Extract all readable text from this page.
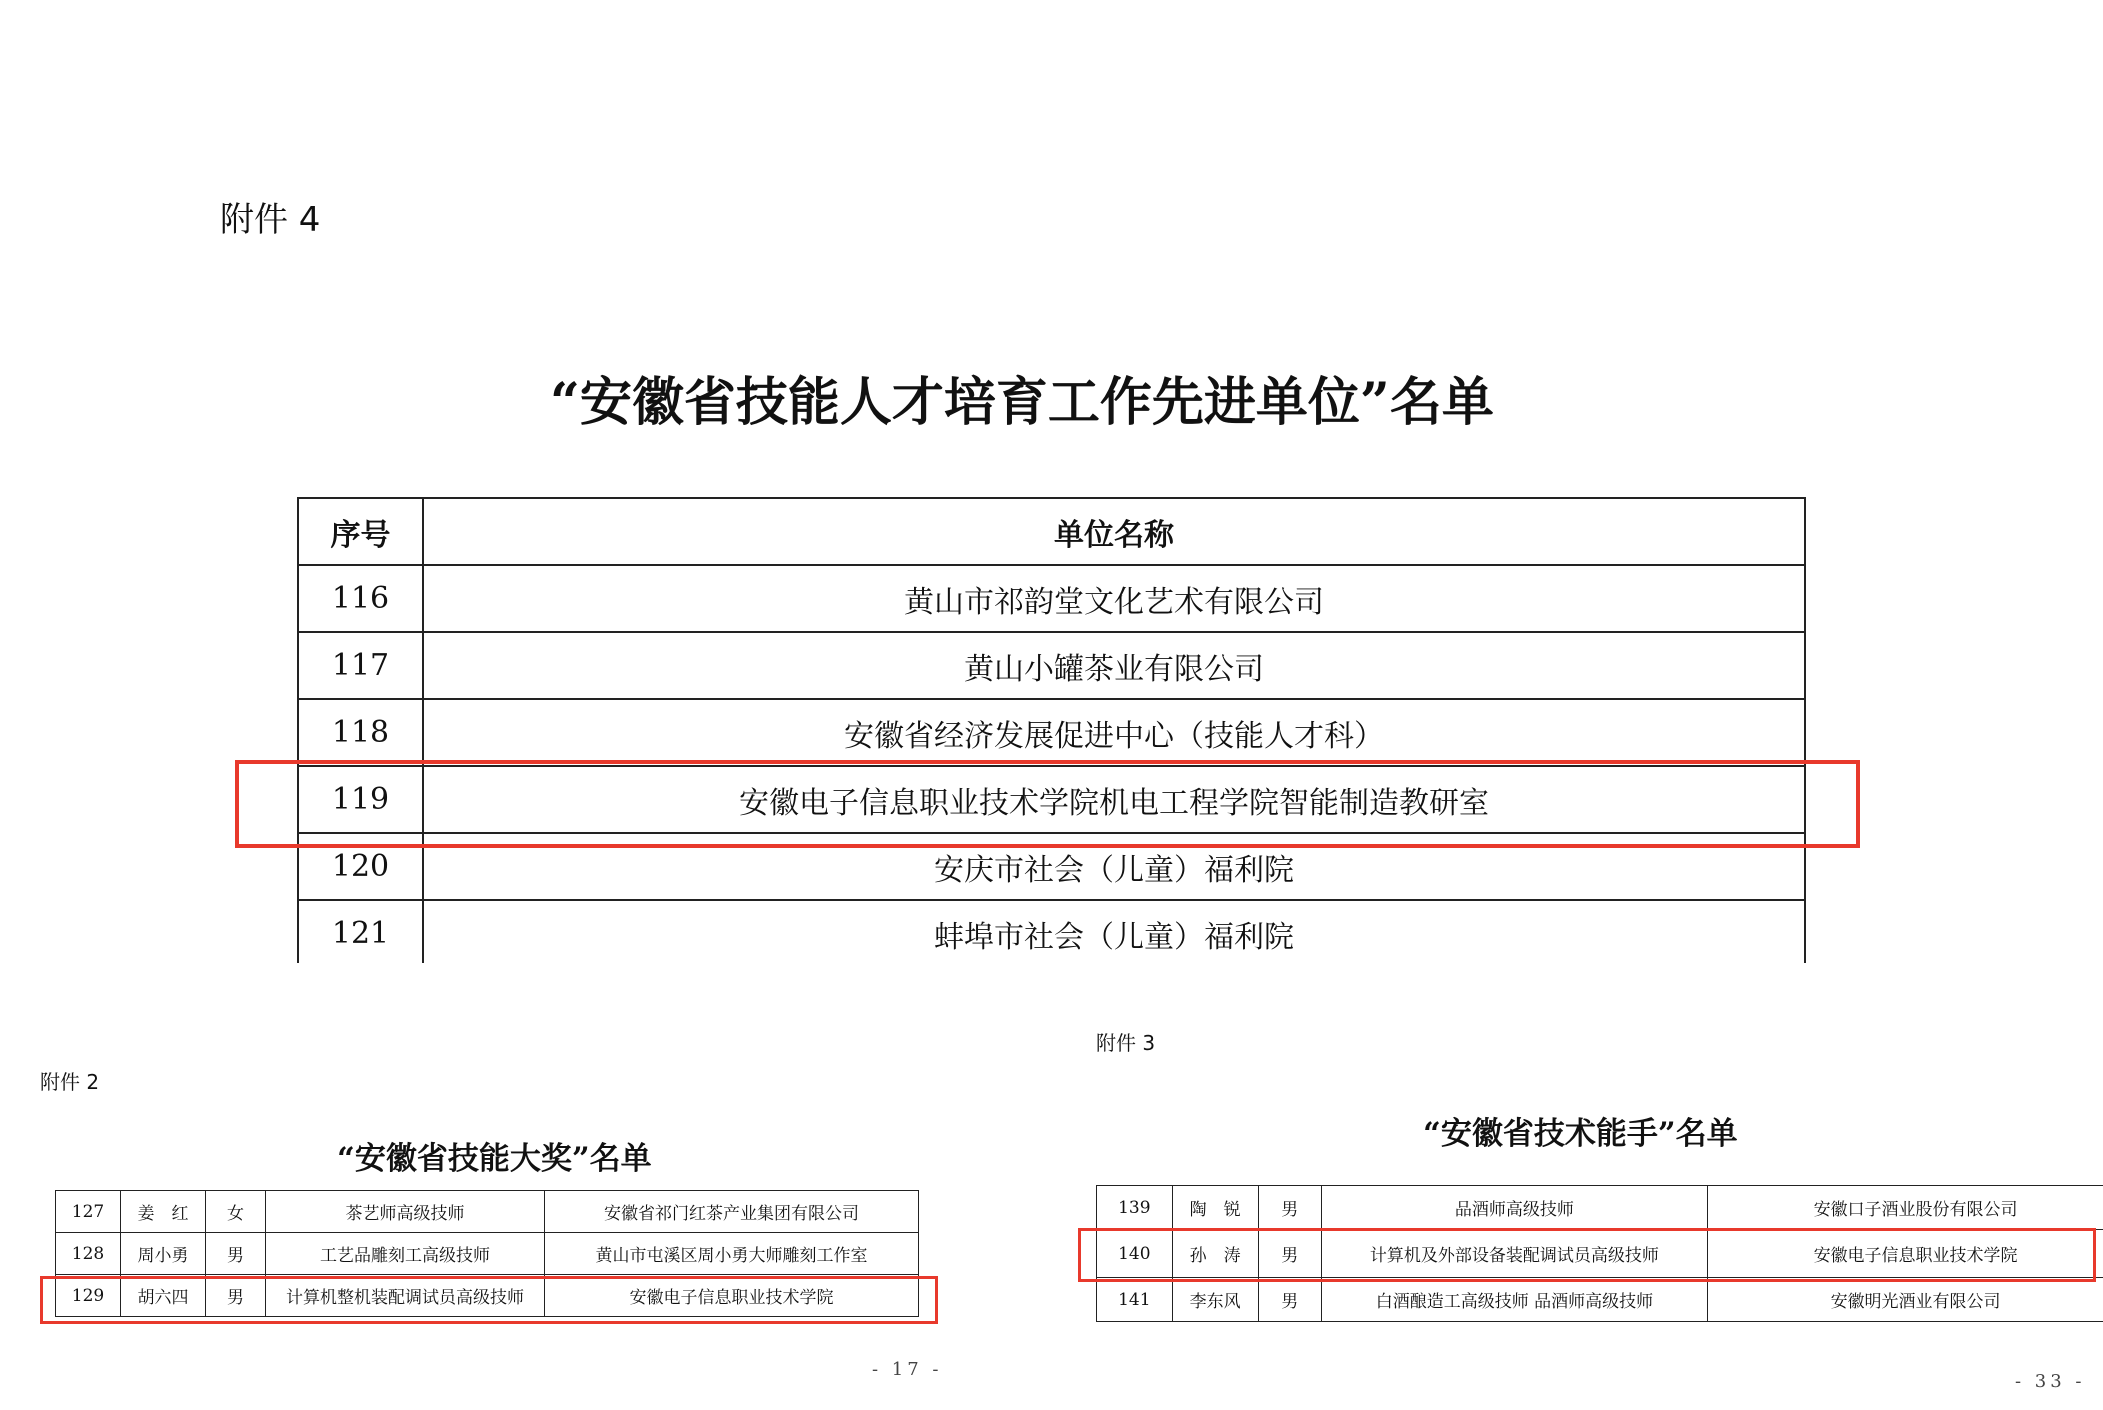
附件 4
“安徽省技能人才培育工作先进单位”名单
序号	单位名称
116	黄山市祁韵堂文化艺术有限公司
117	黄山小罐茶业有限公司
118	安徽省经济发展促进中心（技能人才科）
119	安徽电子信息职业技术学院机电工程学院智能制造教研室
120	安庆市社会（儿童）福利院
121	蚌埠市社会（儿童）福利院
附件 2
“安徽省技能大奖”名单
127	姜　红	女	茶艺师高级技师	安徽省祁门红茶产业集团有限公司
128	周小勇	男	工艺品雕刻工高级技师	黄山市屯溪区周小勇大师雕刻工作室
129	胡六四	男	计算机整机装配调试员高级技师	安徽电子信息职业技术学院
- 17 -
附件 3
“安徽省技术能手”名单
139	陶　锐	男	品酒师高级技师	安徽口子酒业股份有限公司
140	孙　涛	男	计算机及外部设备装配调试员高级技师	安徽电子信息职业技术学院
141	李东风	男	白酒酿造工高级技师 品酒师高级技师	安徽明光酒业有限公司
- 33 -
